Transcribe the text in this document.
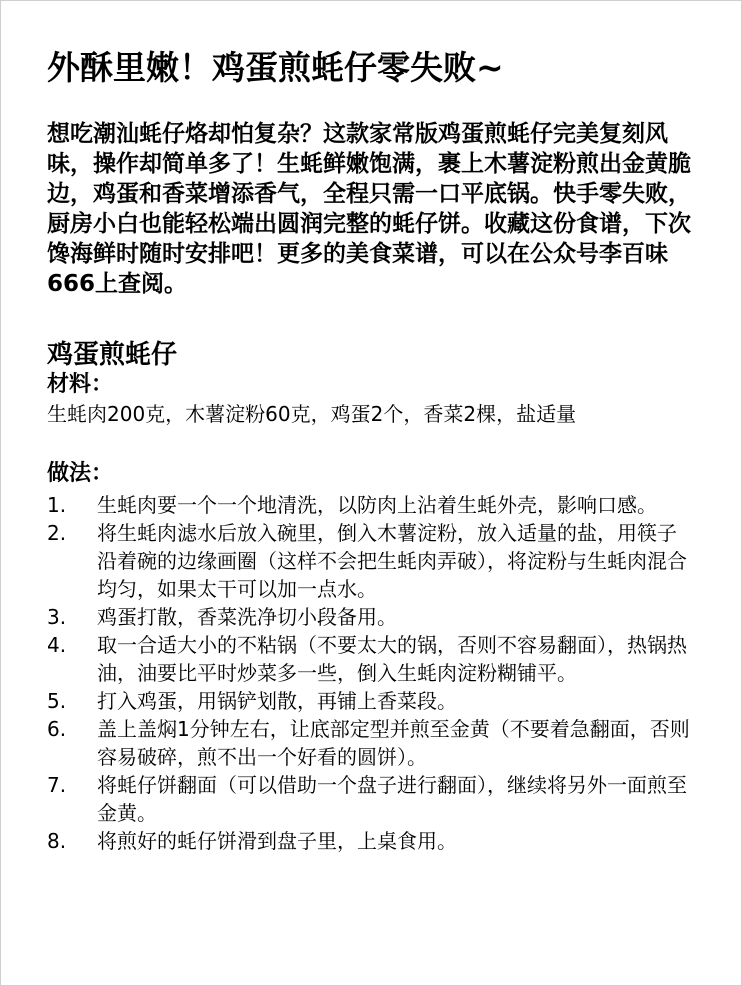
外酥里嫩！鸡蛋煎蚝仔零失败~

想吃潮汕蚝仔烙却怕复杂？这款家常版鸡蛋煎蚝仔完美复刻风味，操作却简单多了！生蚝鲜嫩饱满，裹上木薯淀粉煎出金黄脆边，鸡蛋和香菜增添香气，全程只需一口平底锅。快手零失败，厨房小白也能轻松端出圆润完整的蚝仔饼。收藏这份食谱，下次馋海鲜时随时安排吧！更多的美食菜谱，可以在公众号李百味666上查阅。

鸡蛋煎蚝仔
材料：
生蚝肉200克，木薯淀粉60克，鸡蛋2个，香菜2棵，盐适量
做法：
1.	生蚝肉要一个一个地清洗，以防肉上沾着生蚝外壳，影响口感。
2.	将生蚝肉滤水后放入碗里，倒入木薯淀粉，放入适量的盐，用筷子沿着碗的边缘画圈（这样不会把生蚝肉弄破），将淀粉与生蚝肉混合均匀，如果太干可以加一点水。
3.	鸡蛋打散，香菜洗净切小段备用。
4.	取一合适大小的不粘锅（不要太大的锅，否则不容易翻面），热锅热油，油要比平时炒菜多一些，倒入生蚝肉淀粉糊铺平。
5.	打入鸡蛋，用锅铲划散，再铺上香菜段。
6.	盖上盖焖1分钟左右，让底部定型并煎至金黄（不要着急翻面，否则容易破碎，煎不出一个好看的圆饼）。
7.	将蚝仔饼翻面（可以借助一个盘子进行翻面），继续将另外一面煎至金黄。
8.	将煎好的蚝仔饼滑到盘子里，上桌食用。
